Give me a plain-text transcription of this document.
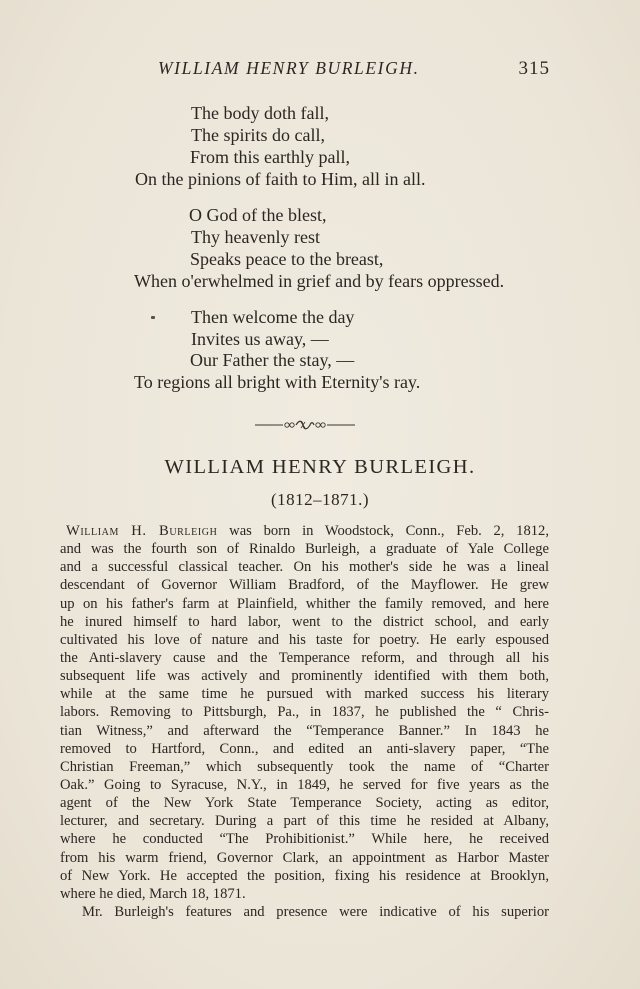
WILLIAM HENRY BURLEIGH.	315
The body doth fall,
The spirits do call,
From this earthly pall,
On the pinions of faith to Him, all in all.
O God of the blest,
Thy heavenly rest
Speaks peace to the breast,
When o'erwhelmed in grief and by fears oppressed.
Then welcome the day
Invites us away, —
Our Father the stay, —
To regions all bright with Eternity's ray.
WILLIAM HENRY BURLEIGH.
(1812–1871.)
William H. Burleigh was born in Woodstock, Conn., Feb. 2, 1812,
and was the fourth son of Rinaldo Burleigh, a graduate of Yale College
and a successful classical teacher. On his mother's side he was a lineal
descendant of Governor William Bradford, of the Mayflower. He grew
up on his father's farm at Plainfield, whither the family removed, and here
he inured himself to hard labor, went to the district school, and early
cultivated his love of nature and his taste for poetry. He early espoused
the Anti-slavery cause and the Temperance reform, and through all his
subsequent life was actively and prominently identified with them both,
while at the same time he pursued with marked success his literary
labors. Removing to Pittsburgh, Pa., in 1837, he published the “ Chris-
tian Witness,” and afterward the “Temperance Banner.” In 1843 he
removed to Hartford, Conn., and edited an anti-slavery paper, “The
Christian Freeman,” which subsequently took the name of “Charter
Oak.” Going to Syracuse, N.Y., in 1849, he served for five years as the
agent of the New York State Temperance Society, acting as editor,
lecturer, and secretary. During a part of this time he resided at Albany,
where he conducted “The Prohibitionist.” While here, he received
from his warm friend, Governor Clark, an appointment as Harbor Master
of New York. He accepted the position, fixing his residence at Brooklyn,
where he died, March 18, 1871.
Mr. Burleigh's features and presence were indicative of his superior
